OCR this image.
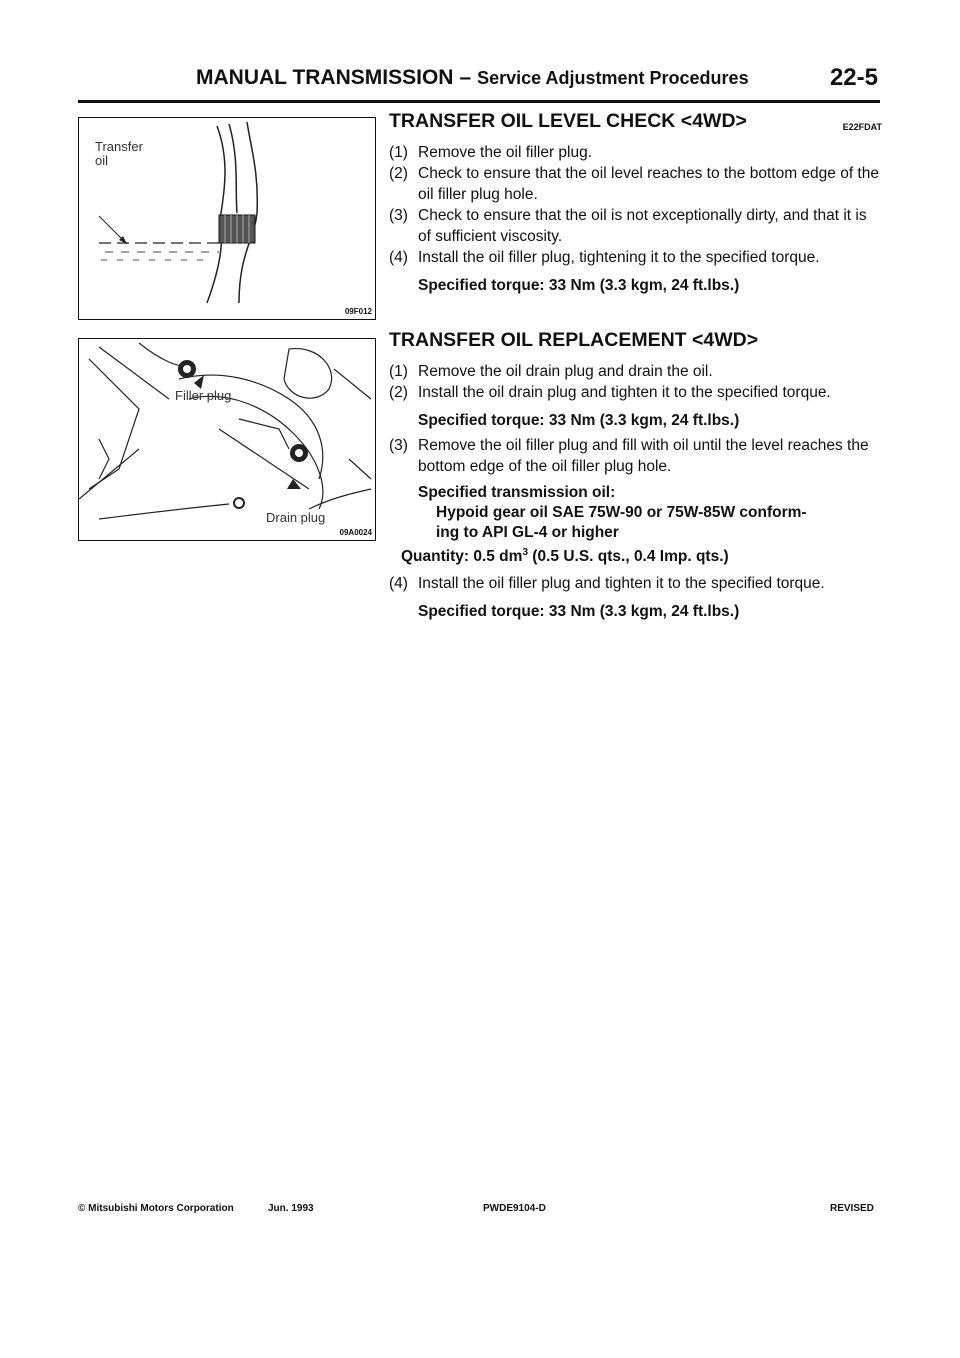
MANUAL TRANSMISSION – Service Adjustment Procedures	22-5
Transfer
oil
09F012
Filler plug
Drain plug
09A0024
TRANSFER OIL LEVEL CHECK <4WD>	E22FDAT
(1) Remove the oil filler plug.
(2) Check to ensure that the oil level reaches to the bottom edge of the oil filler plug hole.
(3) Check to ensure that the oil is not exceptionally dirty, and that it is of sufficient viscosity.
(4) Install the oil filler plug, tightening it to the specified torque.
Specified torque: 33 Nm (3.3 kgm, 24 ft.lbs.)
TRANSFER OIL REPLACEMENT <4WD>
(1) Remove the oil drain plug and drain the oil.
(2) Install the oil drain plug and tighten it to the specified torque.
Specified torque: 33 Nm (3.3 kgm, 24 ft.lbs.)
(3) Remove the oil filler plug and fill with oil until the level reaches the bottom edge of the oil filler plug hole.
Specified transmission oil:
Hypoid gear oil SAE 75W-90 or 75W-85W conform-
ing to API GL-4 or higher
Quantity: 0.5 $dm^3$ (0.5 U.S. qts., 0.4 Imp. qts.)
(4) Install the oil filler plug and tighten it to the specified torque.
Specified torque: 33 Nm (3.3 kgm, 24 ft.lbs.)
© Mitsubishi Motors Corporation	Jun. 1993	PWDE9104-D	REVISED
